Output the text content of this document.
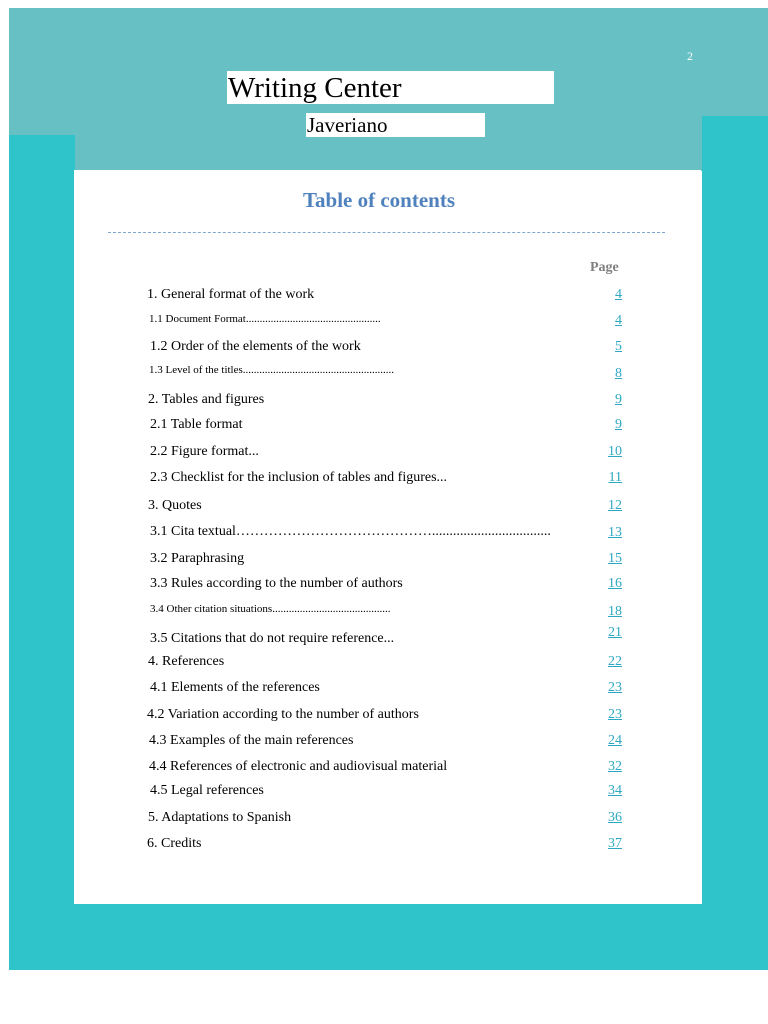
2
Writing Center
Javeriano
Table of contents
Page
1. General format of the work	4
1.1 Document Format.................................................	4
1.2 Order of the elements of the work	5
1.3 Level of the titles.......................................................	8
2. Tables and figures	9
2.1 Table format	9
2.2 Figure format...	10
2.3 Checklist for the inclusion of tables and figures...	11
3. Quotes	12
3.1 Cita textual……………………………………..................................	13
3.2 Paraphrasing	15
3.3 Rules according to the number of authors	16
3.4 Other citation situations...........................................	18
3.5 Citations that do not require reference...	21
4. References	22
4.1 Elements of the references	23
4.2 Variation according to the number of authors	23
4.3 Examples of the main references	24
4.4 References of electronic and audiovisual material	32
4.5 Legal references	34
5. Adaptations to Spanish	36
6. Credits	37
